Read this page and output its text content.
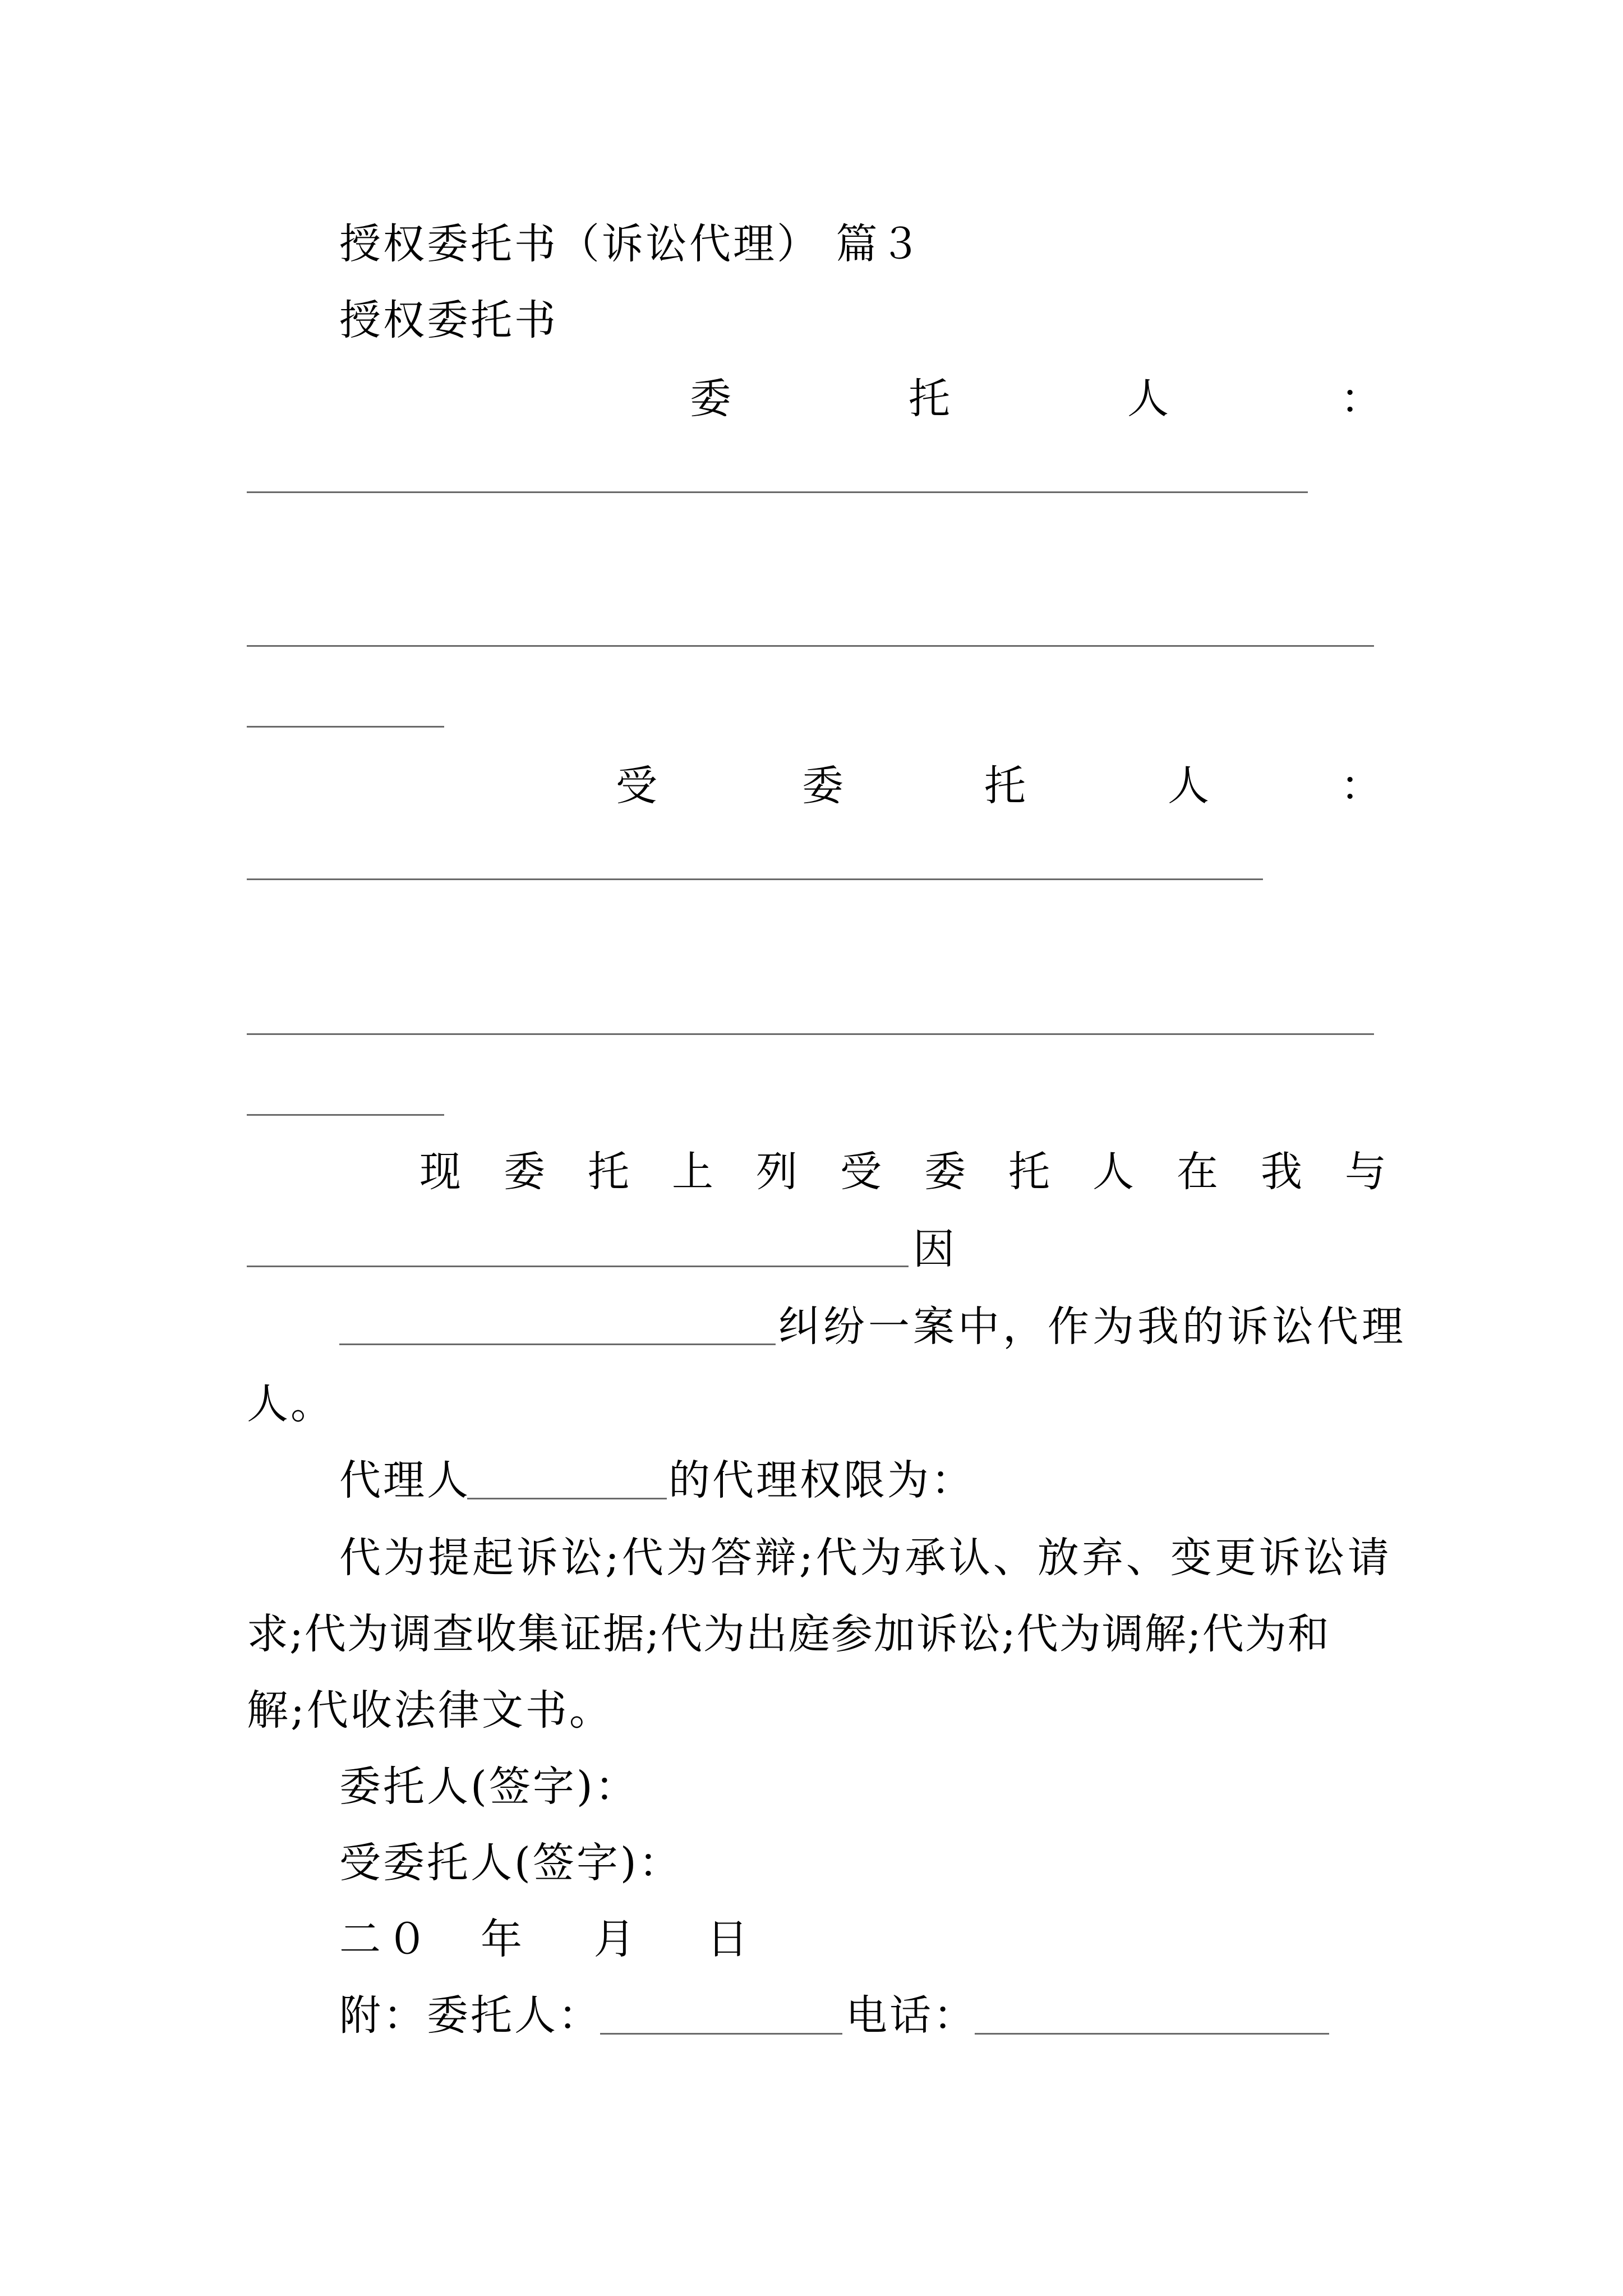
授权委托书（诉讼代理） 篇３
授权委托书
委	托	人	：
受	委	托	人	：
现 委 托 上 列 受 委 托 人 在 我 与
因
纠纷一案中，作为我的诉讼代理
人。
代理人	的代理权限为：
代为提起诉讼;代为答辩;代为承认、放弃、变更诉讼请
求;代为调查收集证据;代为出庭参加诉讼;代为调解;代为和
解;代收法律文书。
委托人(签字)：
受委托人(签字)：
二０　年　 月　 日
附：委托人：	电话：
